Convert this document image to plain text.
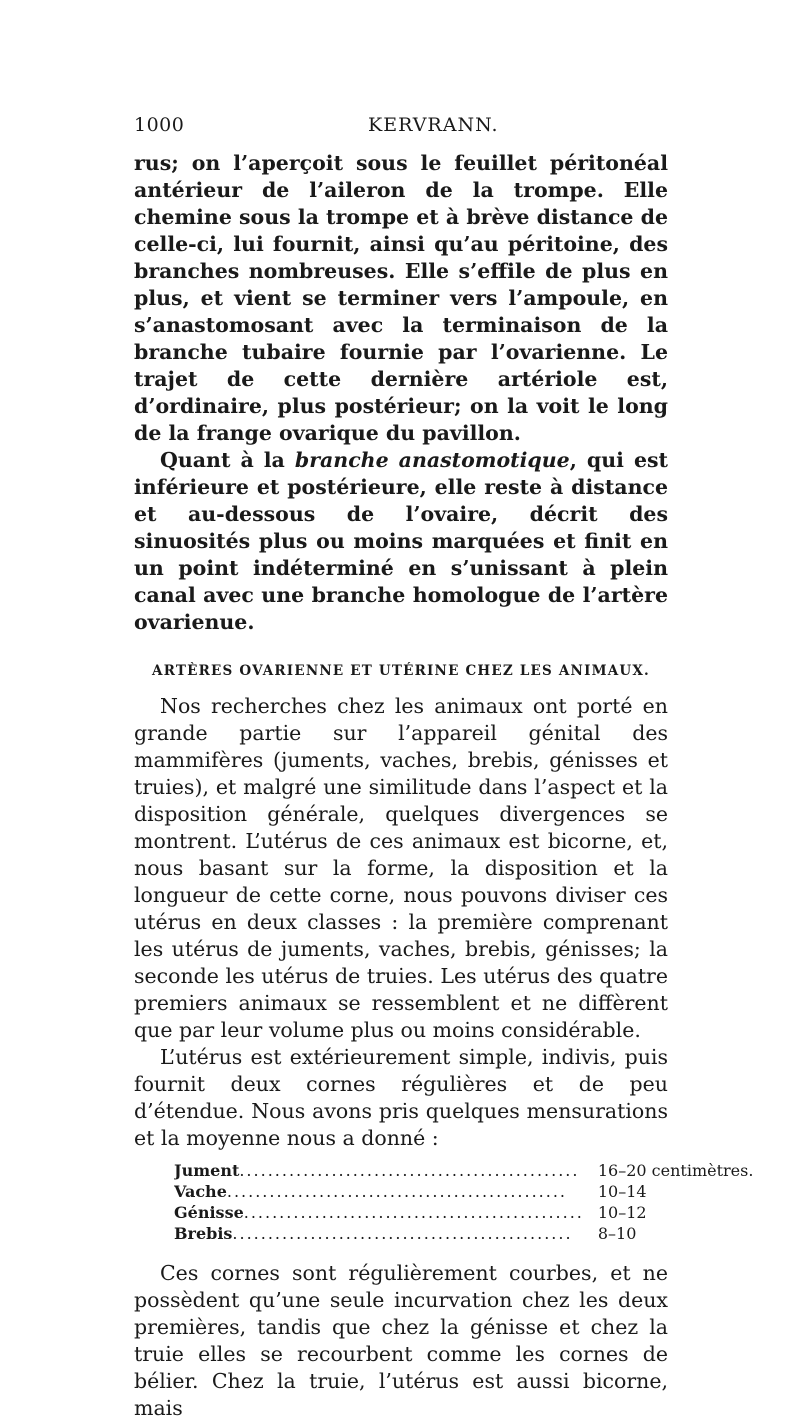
1000	KERVRANN.

rus; on l’aperçoit sous le feuillet péritonéal antérieur de l’aileron de la trompe. Elle chemine sous la trompe et à brève distance de celle-ci, lui fournit, ainsi qu’au péritoine, des branches nombreuses. Elle s’effile de plus en plus, et vient se terminer vers l’ampoule, en s’anastomosant avec la terminaison de la branche tubaire fournie par l’ovarienne. Le trajet de cette dernière artériole est, d’ordinaire, plus postérieur; on la voit le long de la frange ovarique du pavillon.

Quant à la branche anastomotique, qui est inférieure et postérieure, elle reste à distance et au-dessous de l’ovaire, décrit des sinuosités plus ou moins marquées et finit en un point indéterminé en s’unissant à plein canal avec une branche homologue de l’artère ovarienue.

ARTÈRES OVARIENNE ET UTÉRINE CHEZ LES ANIMAUX.

Nos recherches chez les animaux ont porté en grande partie sur l’appareil génital des mammifères (juments, vaches, brebis, génisses et truies), et malgré une similitude dans l’aspect et la disposition générale, quelques divergences se montrent. L’utérus de ces animaux est bicorne, et, nous basant sur la forme, la disposition et la longueur de cette corne, nous pouvons diviser ces utérus en deux classes : la première comprenant les utérus de juments, vaches, brebis, génisses; la seconde les utérus de truies. Les utérus des quatre premiers animaux se ressemblent et ne diffèrent que par leur volume plus ou moins considérable.

L’utérus est extérieurement simple, indivis, puis fournit deux cornes régulières et de peu d’étendue. Nous avons pris quelques mensurations et la moyenne nous a donné :

Jument................................................	16–20 centimètres.
Vache................................................	10–14
Génisse................................................	10–12
Brebis................................................	8–10

Ces cornes sont régulièrement courbes, et ne possèdent qu’une seule incurvation chez les deux premières, tandis que chez la génisse et chez la truie elles se recourbent comme les cornes de bélier. Chez la truie, l’utérus est aussi bicorne, mais
